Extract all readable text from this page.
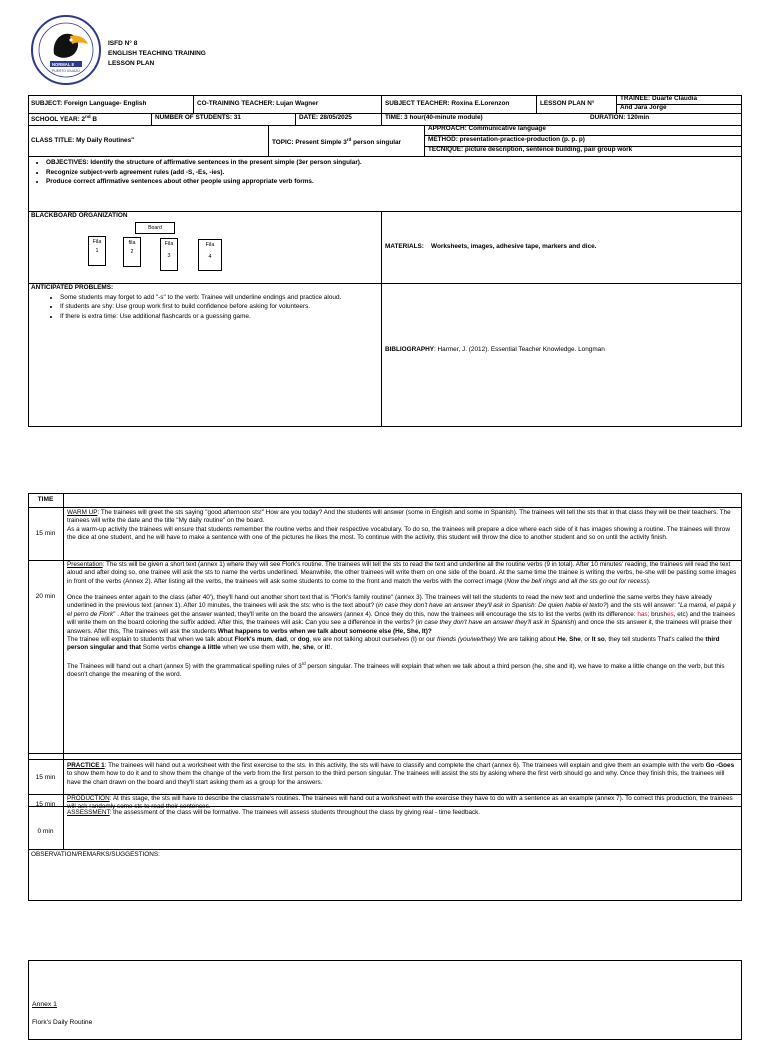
NORMAL 8
PUERTO IGUAZÚ
ISFD N° 8
ENGLISH TEACHING TRAINING
LESSON PLAN
SUBJECT: Foreign Language- English	CO-TRAINING TEACHER: Lujan Wagner	SUBJECT TEACHER: Roxina E.Lorenzon	LESSON PLAN N°
TRAINEE: Duarte Claudia
And Jara Jorge
SCHOOL YEAR: 2nd B	NUMBER OF STUDENTS: 31	DATE: 28/05/2025	TIME: 3 hour(40-minute module)	DURATION: 120min
CLASS TITLE: My Daily Routines"	TOPIC: Present Simple 3rd person singular
APPROACH: Communicative language
METHOD: presentation-practice-production (p. p. p)
TECNIQUE: picture description, sentence building, pair group work
• OBJECTIVES: Identify the structure of affirmative sentences in the present simple (3er person singular).
• Recognize subject-verb agreement rules (add -S, -Es, -ies).
• Produce correct affirmative sentences about other people using appropriate verb forms.
BLACKBOARD ORGANIZATION
Board
Fila
1
fila
2
Fila
3
Fila
4
MATERIALS: Worksheets, images, adhesive tape, markers and dice.
ANTICIPATED PROBLEMS:
• Some students may forget to add "-s" to the verb: Trainee will underline endings and practice aloud.
• If students are shy: Use group work first to build confidence before asking for volunteers.
• If there is extra time: Use additional flashcards or a guessing game.
BIBLIOGRAPHY: Harmer, J. (2012). Essential Teacher Knowledge. Longman
TIME
15 min

WARM UP: The trainees will greet the sts saying "good afternoon sts!" How are you today? And the students will answer (some in English and some in Spanish). The trainees will tell the sts that in that class they will be their teachers. The trainees will write the date and the title "My daily routine" on the board.

As a warm-up activity the trainees will ensure that students remember the routine verbs and their respective vocabulary. To do so, the trainees will prepare a dice where each side of it has images showing a routine. The trainees will throw the dice at one student, and he will have to make a sentence with one of the pictures he likes the most. To continue with the activity, this student will throw the dice to another student and so on until the activity finish.

20 min

Presentation: The sts will be given a short text (annex 1) where they will see Flork's routine. The trainees will tell the sts to read the text and underline all the routine verbs (9 in total). After 10 minutes' reading, the trainees will read the text aloud and after doing so, one trainee will ask the sts to name the verbs underlined. Meanwhile, the other trainees will write them on one side of the board. At the same time the trainee is writing the verbs, he-she will be pasting some images in front of the verbs (Annex 2). After listing all the verbs, the trainees will ask some students to come to the front and match the verbs with the correct image (Now the bell rings and all the sts go out for recess).

Once the trainees enter again to the class (after 40'), they'll hand out another short text that is "Flork's family routine" (annex 3). The trainees will tell the students to read the new text and underline the same verbs they have already underlined in the previous text (annex 1). After 10 minutes, the trainees will ask the sts: who is the text about? (in case they don't have an answer they'll ask in Spanish: De quien habla el texto?) and the sts will answer: "La mamá, el papá y el perro de Flork" . After the trainees get the answer wanted, they'll write on the board the answers (annex 4). Once they do this, now the trainees will encourage the sts to list the verbs (with its difference: has; brushes, etc) and the trainees will write them on the board coloring the suffix added. After this, the trainees will ask: Can you see a difference in the verbs? (in case they don't have an answer they'll ask in Spanish) and once the sts answer it, the trainees will praise their answers. After this, The trainees will ask the students What happens to verbs when we talk about someone else (He, She, It)?

The trainee will explain to students that when we talk about Flork's mum, dad, or dog, we are not talking about ourselves (I) or our friends (you/we/they) We are talking about He, She, or It so, they tell students That's called the third person singular and that Some verbs change a little when we use them with, he, she, or it!.

The Trainees will hand out a chart (annex 5) with the grammatical spelling rules of 3rd person singular. The trainees will explain that when we talk about a third person (he, she and it), we have to make a little change on the verb, but this doesn't change the meaning of the word.

15 min

PRACTICE 1: The trainees will hand out a worksheet with the first exercise to the sts. In this activity, the sts will have to classify and complete the chart (annex 6). The trainees will explain and give them an example with the verb Go -Goes to show them how to do it and to show them the change of the verb from the first person to the third person singular. The trainees will assist the sts by asking where the first verb should go and why. Once they finish this, the trainees will have the chart drawn on the board and they'll start asking them as a group for the answers.

15 min

PRODUCTION: At this stage, the sts will have to describe the classmate's routines. The trainees will hand out a worksheet with the exercise they have to do with a sentence as an example (annex 7). To correct this production, the trainees will ask randomly some sts to read their sentences.

0 min

ASSESSMENT: the assessment of the class will be formative. The trainees will assess students throughout the class by giving real - time feedback.

OBSERVATION/REMARKS/SUGGESTIONS:
Annex 1
Flork's Daily Routine
